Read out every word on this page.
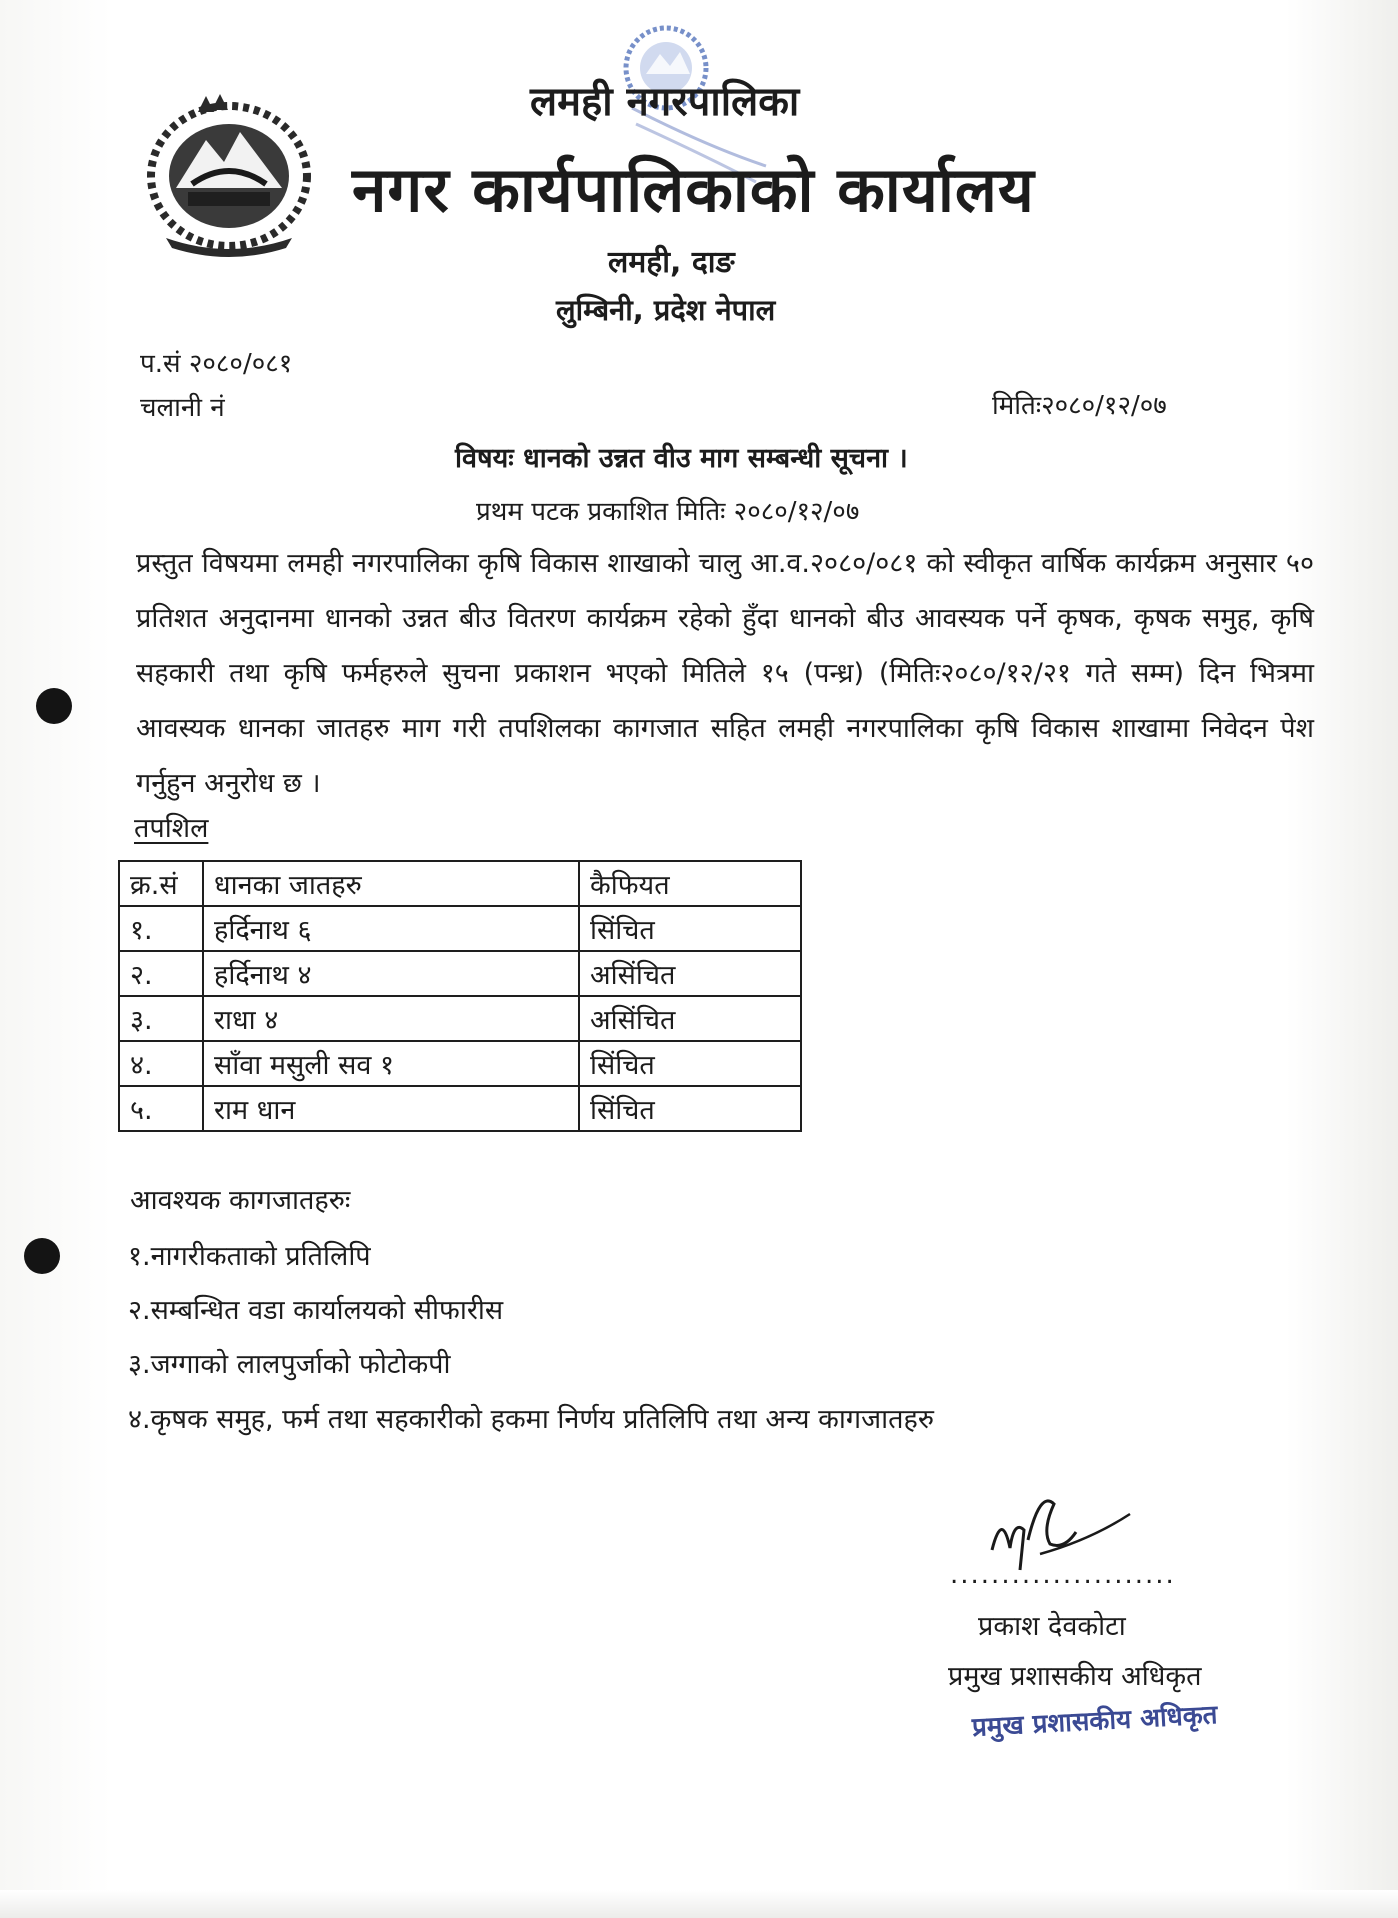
लमही नगरपालिका
नगर कार्यपालिकाको कार्यालय
लमही, दाङ
लुम्बिनी, प्रदेश नेपाल
प.सं २०८०/०८१
चलानी नं	मितिः२०८०/१२/०७
विषयः धानको उन्नत वीउ माग सम्बन्धी सूचना ।
प्रथम पटक प्रकाशित मितिः २०८०/१२/०७
प्रस्तुत विषयमा लमही नगरपालिका कृषि विकास शाखाको चालु आ.व.२०८०/०८१ को स्वीकृत वार्षिक कार्यक्रम अनुसार ५० प्रतिशत अनुदानमा धानको उन्नत बीउ वितरण कार्यक्रम रहेको हुँदा धानको बीउ आवस्यक पर्ने कृषक, कृषक समुह, कृषि सहकारी तथा कृषि फर्महरुले सुचना प्रकाशन भएको मितिले १५ (पन्ध्र) (मितिः२०८०/१२/२१ गते सम्म) दिन भित्रमा आवस्यक धानका जातहरु माग गरी तपशिलका कागजात सहित लमही नगरपालिका कृषि विकास शाखामा निवेदन पेश गर्नुहुन अनुरोध छ ।
तपशिल
क्र.सं	धानका जातहरु	कैफियत
१.	हर्दिनाथ ६	सिंचित
२.	हर्दिनाथ ४	असिंचित
३.	राधा ४	असिंचित
४.	साँवा मसुली सव १	सिंचित
५.	राम धान	सिंचित
आवश्यक कागजातहरुः
१.नागरीकताको प्रतिलिपि
२.सम्बन्धित वडा कार्यालयको सीफारीस
३.जग्गाको लालपुर्जाको फोटोकपी
४.कृषक समुह, फर्म तथा सहकारीको हकमा निर्णय प्रतिलिपि तथा अन्य कागजातहरु
......................
प्रकाश देवकोटा
प्रमुख प्रशासकीय अधिकृत
प्रमुख प्रशासकीय अधिकृत
